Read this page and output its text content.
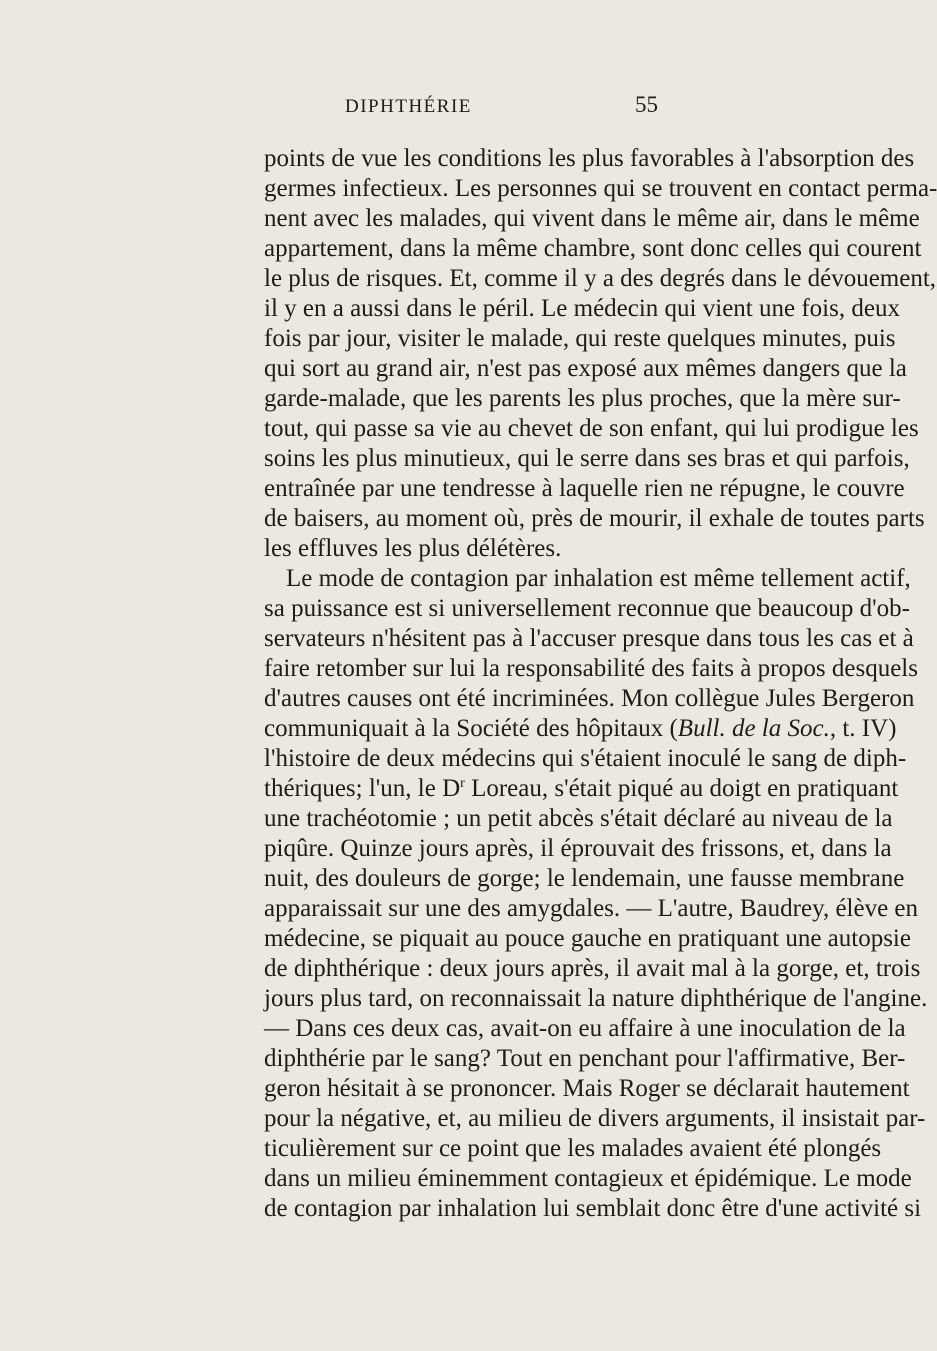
DIPHTHÉRIE	55
points de vue les conditions les plus favorables à l'absorption des
germes infectieux. Les personnes qui se trouvent en contact perma-
nent avec les malades, qui vivent dans le même air, dans le même
appartement, dans la même chambre, sont donc celles qui courent
le plus de risques. Et, comme il y a des degrés dans le dévouement,
il y en a aussi dans le péril. Le médecin qui vient une fois, deux
fois par jour, visiter le malade, qui reste quelques minutes, puis
qui sort au grand air, n'est pas exposé aux mêmes dangers que la
garde-malade, que les parents les plus proches, que la mère sur-
tout, qui passe sa vie au chevet de son enfant, qui lui prodigue les
soins les plus minutieux, qui le serre dans ses bras et qui parfois,
entraînée par une tendresse à laquelle rien ne répugne, le couvre
de baisers, au moment où, près de mourir, il exhale de toutes parts
les effluves les plus délétères.
Le mode de contagion par inhalation est même tellement actif,
sa puissance est si universellement reconnue que beaucoup d'ob-
servateurs n'hésitent pas à l'accuser presque dans tous les cas et à
faire retomber sur lui la responsabilité des faits à propos desquels
d'autres causes ont été incriminées. Mon collègue Jules Bergeron
communiquait à la Société des hôpitaux (Bull. de la Soc., t. IV)
l'histoire de deux médecins qui s'étaient inoculé le sang de diph-
thériques; l'un, le $D^r$ Loreau, s'était piqué au doigt en pratiquant
une trachéotomie ; un petit abcès s'était déclaré au niveau de la
piqûre. Quinze jours après, il éprouvait des frissons, et, dans la
nuit, des douleurs de gorge; le lendemain, une fausse membrane
apparaissait sur une des amygdales. — L'autre, Baudrey, élève en
médecine, se piquait au pouce gauche en pratiquant une autopsie
de diphthérique : deux jours après, il avait mal à la gorge, et, trois
jours plus tard, on reconnaissait la nature diphthérique de l'angine.
— Dans ces deux cas, avait-on eu affaire à une inoculation de la
diphthérie par le sang? Tout en penchant pour l'affirmative, Ber-
geron hésitait à se prononcer. Mais Roger se déclarait hautement
pour la négative, et, au milieu de divers arguments, il insistait par-
ticulièrement sur ce point que les malades avaient été plongés
dans un milieu éminemment contagieux et épidémique. Le mode
de contagion par inhalation lui semblait donc être d'une activité si
